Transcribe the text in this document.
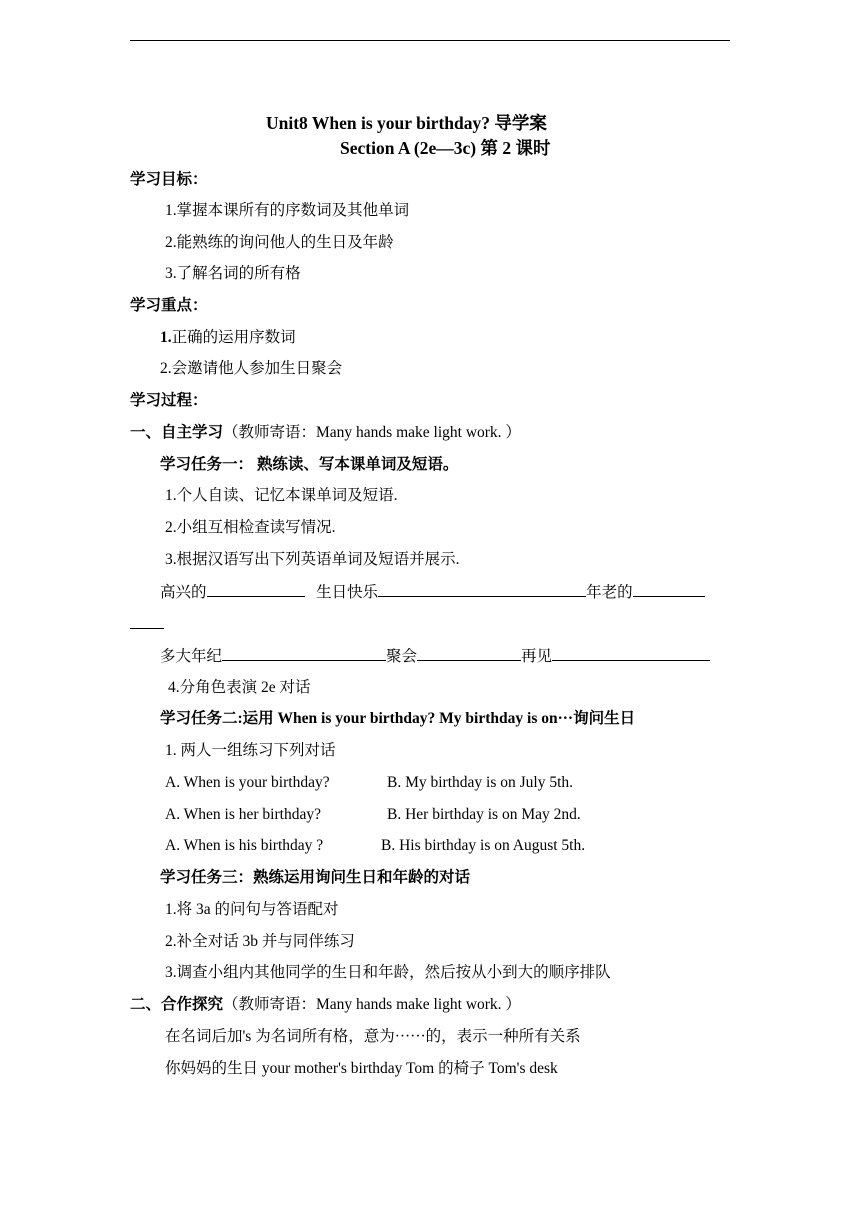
Unit8 When is your birthday? 导学案
Section A (2e—3c) 第 2 课时
学习目标：
1.掌握本课所有的序数词及其他单词
2.能熟练的询问他人的生日及年龄
3.了解名词的所有格
学习重点：
1.正确的运用序数词
2.会邀请他人参加生日聚会
学习过程：
一、自主学习（教师寄语：Many hands make light work. ）
学习任务一： 熟练读、写本课单词及短语。
1.个人自读、记忆本课单词及短语.
2.小组互相检查读写情况.
3.根据汉语写出下列英语单词及短语并展示.
高兴的	生日快乐	年老的
多大年纪	聚会	再见
4.分角色表演 2e 对话
学习任务二:运用 When is your birthday? My birthday is on···询问生日
1. 两人一组练习下列对话
A. When is your birthday?	B. My birthday is on July 5th.
A. When is her birthday?	B. Her birthday is on May 2nd.
A. When is his birthday ?	B. His birthday is on August 5th.
学习任务三：熟练运用询问生日和年龄的对话
1.将 3a 的问句与答语配对
2.补全对话 3b 并与同伴练习
3.调查小组内其他同学的生日和年龄，然后按从小到大的顺序排队
二、合作探究（教师寄语：Many hands make light work. ）
在名词后加's 为名词所有格，意为······的，表示一种所有关系
你妈妈的生日 your mother's birthday Tom 的椅子 Tom's desk
